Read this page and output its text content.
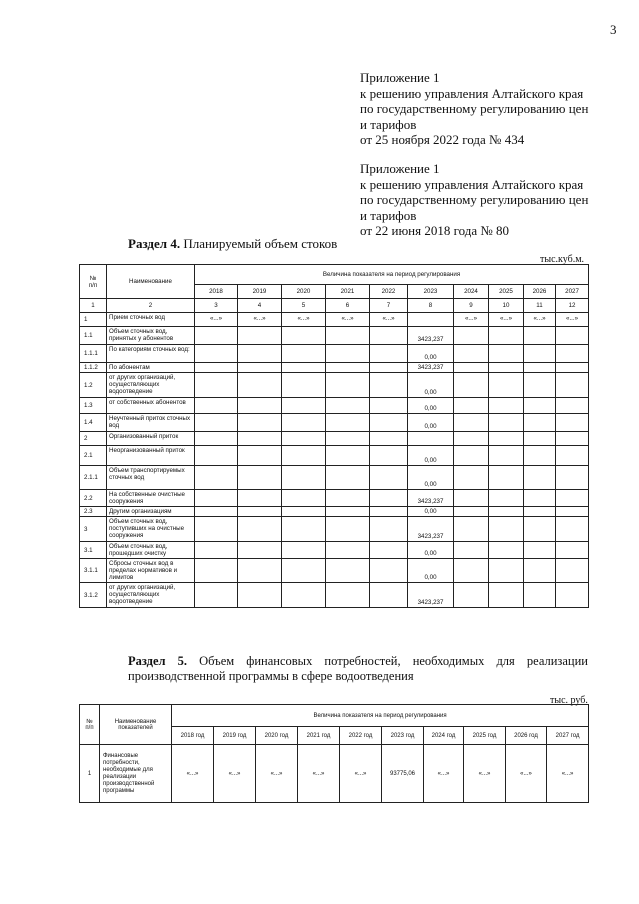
3
Приложение 1
к решению управления Алтайского края
по государственному регулированию цен
и тарифов
от 25 ноября 2022 года № 434
Приложение 1
к решению управления Алтайского края
по государственному регулированию цен
и тарифов
от 22 июня 2018 года № 80
Раздел 4. Планируемый объем стоков
тыс.куб.м.
№
п/п	Наименование	Величина показателя на период регулирования									
		2018	2019	2020	2021	2022	2023	2024	2025	2026	2027
1	2	3	4	5	6	7	8	9	10	11	12
1	Прием сточных вод	«...»	«...»	«...»	«...»	«...»		«...»	«...»	«...»	«...»
1.1	Объем сточных вод, принятых у абонентов						3423,237				
1.1.1	По категориям сточных вод:						0,00				
1.1.2	По абонентам						3423,237				
1.2	от других организаций, осуществляющих водоотведение						0,00				
1.3	от собственных абонентов						0,00				
1.4	Неучтенный приток сточных вод						0,00				
2	Организованный приток										
2.1	Неорганизованный приток						0,00				
2.1.1	Объем транспортируемых сточных вод						0,00				
2.2	На собственные очистные сооружения						3423,237				
2.3	Другим организациям						0,00				
3	Объем сточных вод, поступивших на очистные сооружения						3423,237				
3.1	Объем сточных вод, прошедших очистку						0,00				
3.1.1	Сбросы сточных вод в пределах нормативов и лимитов						0,00				
3.1.2	от других организаций, осуществляющих водоотведение						3423,237				
Раздел 5. Объем финансовых потребностей, необходимых для реализации производственной программы в сфере водоотведения
тыс. руб.
№
п/п	Наименование показателей	Величина показателя на период регулирования									
		2018 год	2019 год	2020 год	2021 год	2022 год	2023 год	2024 год	2025 год	2026 год	2027 год
1	Финансовые потребности, необходимые для реализации производственной программы	«...»	«...»	«...»	«...»	«...»	93775,06	«...»	«...»	«...»	«...»
